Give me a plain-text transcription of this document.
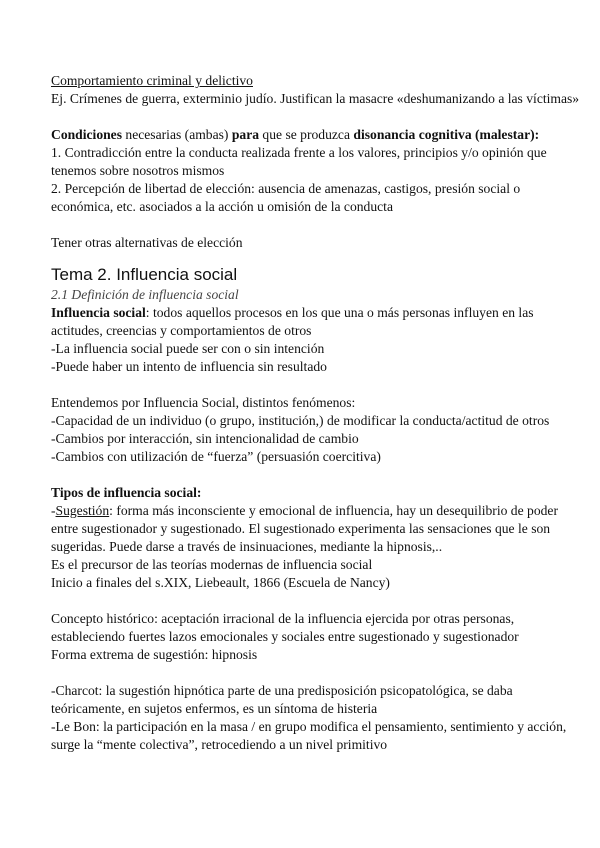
Comportamiento criminal y delictivo

Ej. Crímenes de guerra, exterminio judío. Justifican la masacre «deshumanizando a las víctimas»

Condiciones necesarias (ambas) para que se produzca disonancia cognitiva (malestar):

1. Contradicción entre la conducta realizada frente a los valores, principios y/o opinión que tenemos sobre nosotros mismos

2. Percepción de libertad de elección: ausencia de amenazas, castigos, presión social o económica, etc. asociados a la acción u omisión de la conducta

Tener otras alternativas de elección

Tema 2. Influencia social

2.1 Definición de influencia social

Influencia social: todos aquellos procesos en los que una o más personas influyen en las actitudes, creencias y comportamientos de otros

-La influencia social puede ser con o sin intención

-Puede haber un intento de influencia sin resultado

Entendemos por Influencia Social, distintos fenómenos:

-Capacidad de un individuo (o grupo, institución,) de modificar la conducta/actitud de otros

-Cambios por interacción, sin intencionalidad de cambio

-Cambios con utilización de “fuerza” (persuasión coercitiva)

Tipos de influencia social:

-Sugestión: forma más inconsciente y emocional de influencia, hay un desequilibrio de poder entre sugestionador y sugestionado. El sugestionado experimenta las sensaciones que le son sugeridas. Puede darse a través de insinuaciones, mediante la hipnosis,..

Es el precursor de las teorías modernas de influencia social

Inicio a finales del s.XIX, Liebeault, 1866 (Escuela de Nancy)

Concepto histórico: aceptación irracional de la influencia ejercida por otras personas, estableciendo fuertes lazos emocionales y sociales entre sugestionado y sugestionador

Forma extrema de sugestión: hipnosis

-Charcot: la sugestión hipnótica parte de una predisposición psicopatológica, se daba teóricamente, en sujetos enfermos, es un síntoma de histeria

-Le Bon: la participación en la masa / en grupo modifica el pensamiento, sentimiento y acción, surge la “mente colectiva”, retrocediendo a un nivel primitivo
